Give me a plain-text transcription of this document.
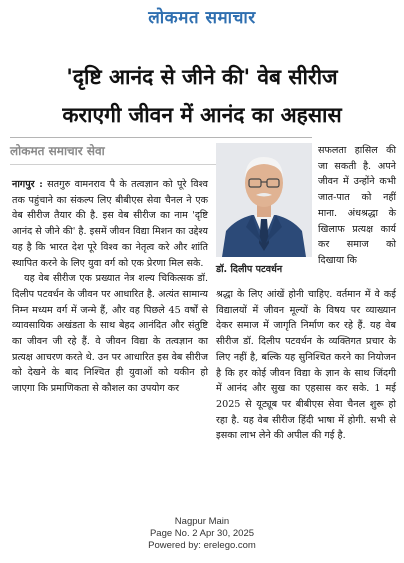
लोकमत समाचार
'दृष्टि आनंद से जीने की' वेब सीरीज
कराएगी जीवन में आनंद का अहसास
लोकमत समाचार सेवा

नागपुर : सतगुरु वामनराव पै के तत्वज्ञान को पूरे विश्व तक पहुंचाने का संकल्प लिए बीबीएस सेवा चैनल ने एक वेब सीरीज तैयार की है. इस वेब सीरीज का नाम 'दृष्टि आनंद से जीने की' है. इसमें जीवन विद्या मिशन का उद्देश्य यह है कि भारत देश पूरे विश्व का नेतृत्व करे और शांति स्थापित करने के लिए युवा वर्ग को एक प्रेरणा मिल सके.

यह वेब सीरीज एक प्रख्यात नेत्र शल्य चिकित्सक डॉ. दिलीप पटवर्धन के जीवन पर आधारित है. अत्यंत सामान्य निम्न मध्यम वर्ग में जन्मे हैं, और वह पिछले 45 वर्षों से व्यावसायिक अखंडता के साथ बेहद आनंदित और संतुष्टि का जीवन जी रहे हैं. वे जीवन विद्या के तत्वज्ञान का प्रत्यक्ष आचरण करते थे. उन पर आधारित इस वेब सीरीज को देखने के बाद निश्चित ही युवाओं को यकीन हो जाएगा कि प्रमाणिकता से कौशल का उपयोग कर

डॉ. दिलीप पटवर्धन

सफलता हासिल की जा सकती है. अपने जीवन में उन्होंने कभी जात-पात को नहीं माना. अंधश्रद्धा के खिलाफ प्रत्यक्ष कार्य कर समाज को दिखाया कि

श्रद्धा के लिए आंखें होनी चाहिए. वर्तमान में वे कई विद्यालयों में जीवन मूल्यों के विषय पर व्याख्यान देकर समाज में जागृति निर्माण कर रहे हैं. यह वेब सीरीज डॉ. दिलीप पटवर्धन के व्यक्तिगत प्रचार के लिए नहीं है, बल्कि यह सुनिश्चित करने का नियोजन है कि हर कोई जीवन विद्या के ज्ञान के साथ जिंदगी में आनंद और सुख का एहसास कर सके. 1 मई 2025 से यूट्यूब पर बीबीएस सेवा चैनल शुरू हो रहा है. यह वेब सीरीज हिंदी भाषा में होगी. सभी से इसका लाभ लेने की अपील की गई है.

Nagpur Main
Page No. 2 Apr 30, 2025
Powered by: erelego.com
